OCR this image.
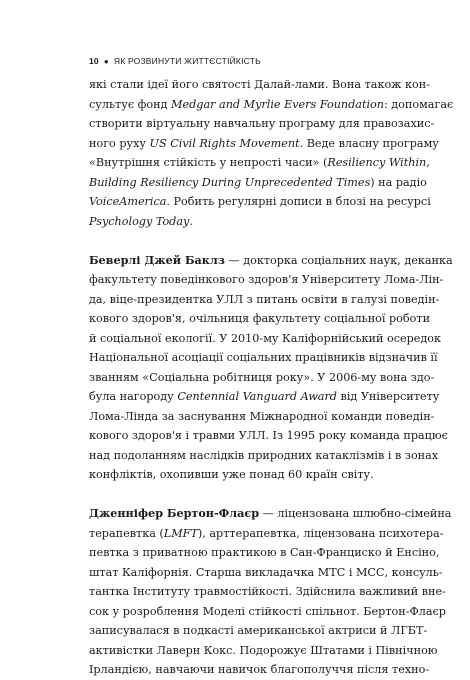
10 ● ЯК РОЗВИНУТИ ЖИТТЄСТІЙКІСТЬ
які стали ідеї його святості Далай-лами. Вона також кон-
сультує фонд Medgar and Myrlie Evers Foundation: допомагає
створити віртуальну навчальну програму для правозахис-
ного руху US Civil Rights Movement. Веде власну програму
«Внутрішня стійкість у непрості часи» (Resiliency Within,
Building Resiliency During Unprecedented Times) на радіо
VoiceAmerica. Робить регулярні дописи в блозі на ресурсі
Psychology Today.
Беверлі Джей Баклз — докторка соціальних наук, деканка
факультету поведінкового здоров'я Університету Лома-Лін-
да, віце-президентка УЛЛ з питань освіти в галузі поведін-
кового здоров'я, очільниця факультету соціальної роботи
й соціальної екології. У 2010-му Каліфорнійський осередок
Національної асоціації соціальних працівників відзначив її
званням «Соціальна робітниця року». У 2006-му вона здо-
була нагороду Centennial Vanguard Award від Університету
Лома-Лінда за заснування Міжнародної команди поведін-
кового здоров'я і травми УЛЛ. Із 1995 року команда працює
над подоланням наслідків природних катаклізмів і в зонах
конфліктів, охопивши уже понад 60 країн світу.
Дженніфер Бертон-Флаєр — ліцензована шлюбно-сімейна
терапевтка (LMFT), арттерапевтка, ліцензована психотера-
певтка з приватною практикою в Сан-Франциско й Енсіно,
штат Каліфорнія. Старша викладачка МТС і МСС, консуль-
тантка Інституту травмостійкості. Здійснила важливий вне-
сок у розроблення Моделі стійкості спільнот. Бертон-Флаєр
записувалася в подкасті американської актриси й ЛГБТ-
активістки Лаверн Кокс. Подорожує Штатами і Північною
Ірландією, навчаючи навичок благополуччя після техно-
